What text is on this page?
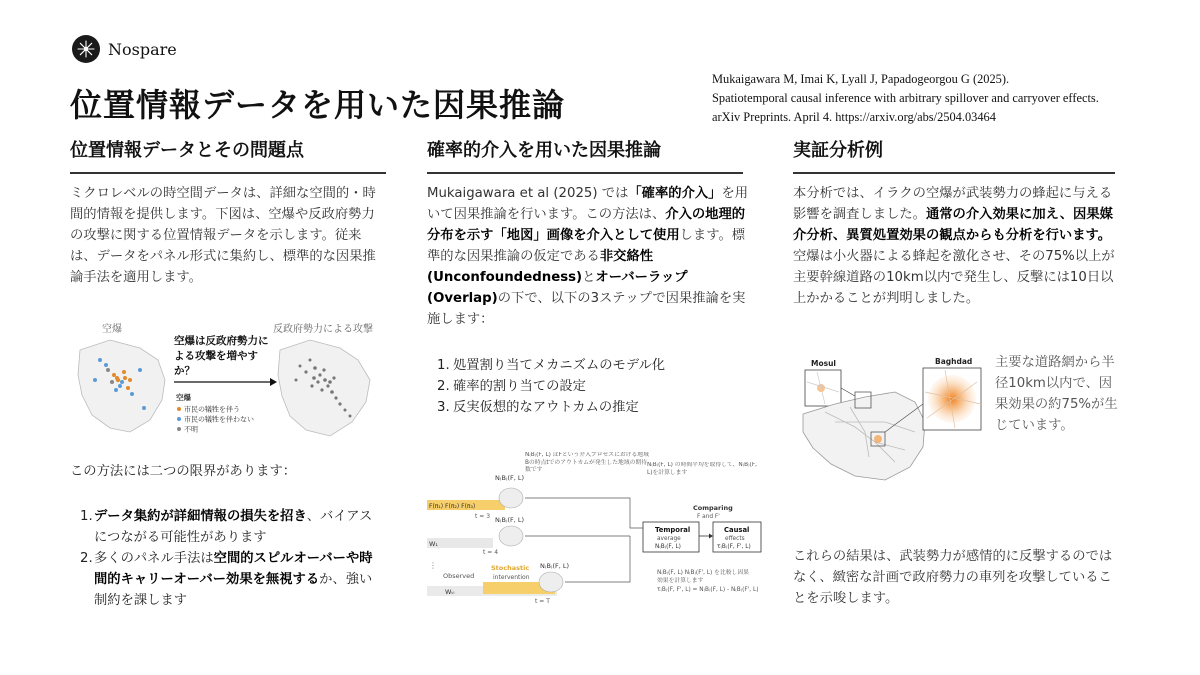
Nospare
位置情報データを用いた因果推論
Mukaigawara M, Imai K, Lyall J, Papadogeorgou G (2025).
Spatiotemporal causal inference with arbitrary spillover and carryover effects.
arXiv Preprints. April 4. https://arxiv.org/abs/2504.03464
位置情報データとその問題点
ミクロレベルの時空間データは、詳細な空間的・時間的情報を提供します。下図は、空爆や反政府勢力の攻撃に関する位置情報データを示します。従来は、データをパネル形式に集約し、標準的な因果推論手法を適用します。
空爆	反政府勢力による攻撃
空爆は反政府勢力に
よる攻撃を増やす
か？
空爆
市民の犠牲を伴う
市民の犠牲を伴わない
不明
この方法には二つの限界があります：
1. データ集約が詳細情報の損失を招き、バイアスにつながる可能性があります
2. 多くのパネル手法は空間的スピルオーバーや時間的キャリーオーバー効果を無視するか、強い制約を課します
確率的介入を用いた因果推論
Mukaigawara et al (2025) では「確率的介入」を用いて因果推論を行います。この方法は、介入の地理的分布を示す「地図」画像を介入として使用します。標準的な因果推論の仮定である非交絡性(Unconfoundedness)とオーバーラップ(Overlap)の下で、以下の3ステップで因果推論を実施します：
1. 処置割り当てメカニズムのモデル化
2. 確率的割り当ての設定
3. 反実仮想的なアウトカムの推定
N₍B₎(F, L) はFという介入プロセスにおける地域Bの時点tでのアウトカムが発生した地域の期待数です
N₍B₎(F, L) の時間平均を取得して、N₍B₎(F, L)を計算します
F(π₁) F(π₂) F(π₃)
t = 3
N₍B₎(F, L)
W₁
t = 4
N₍B₎(F, L)
⋮
Observed
Stochastic
intervention
Wₜₗ
t = T
N₍B₎(F, L)
Comparing
F and F'
Temporal
average
N₍B₎(F, L)
Causal
effects
τ₍B₎(F, F', L)
N₍B₎(F, L) N₍B₎(F', L) を比較し因果
効果を計算します
τ₍B₎(F, F', L) = N₍B₎(F, L) - N₍B₎(F', L)
実証分析例
本分析では、イラクの空爆が武装勢力の蜂起に与える影響を調査しました。通常の介入効果に加え、因果媒介分析、異質処置効果の観点からも分析を行います。空爆は小火器による蜂起を激化させ、その75%以上が主要幹線道路の10km以内で発生し、反撃には10日以上かかることが判明しました。
Mosul	Baghdad 主要な道路網から半径10km以内で、因果効果の約75%が生じています。
これらの結果は、武装勢力が感情的に反撃するのではなく、緻密な計画で政府勢力の車列を攻撃していることを示唆します。
